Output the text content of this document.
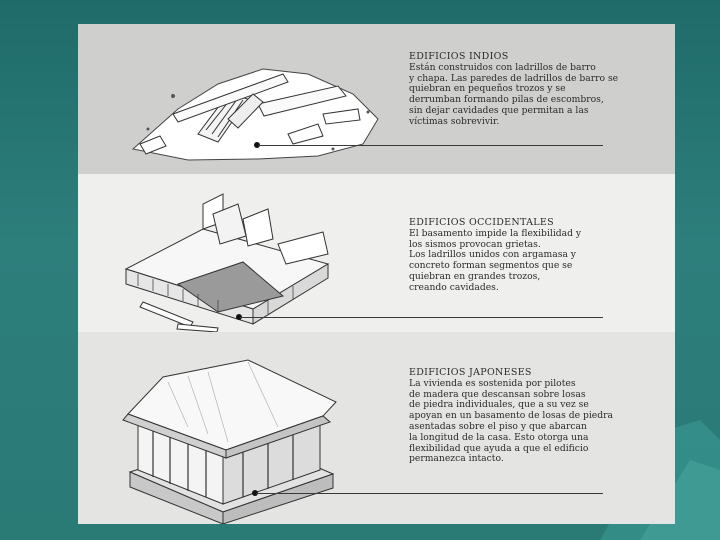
EDIFICIOS INDIOS
Están construidos con ladrillos de barro
y chapa. Las paredes de ladrillos de barro se
quiebran en pequeños trozos y se
derrumban formando pilas de escombros,
sin dejar cavidades que permitan a las
víctimas sobrevivir.
EDIFICIOS OCCIDENTALES
El basamento impide la flexibilidad y
los sismos provocan grietas.
Los ladrillos unidos con argamasa y
concreto forman segmentos que se
quiebran en grandes trozos,
creando cavidades.
EDIFICIOS JAPONESES
La vivienda es sostenida por pilotes
de madera que descansan sobre losas
de piedra individuales, que a su vez se
apoyan en un basamento de losas de piedra
asentadas sobre el piso y que abarcan
la longitud de la casa. Esto otorga una
flexibilidad que ayuda a que el edificio
permanezca intacto.
